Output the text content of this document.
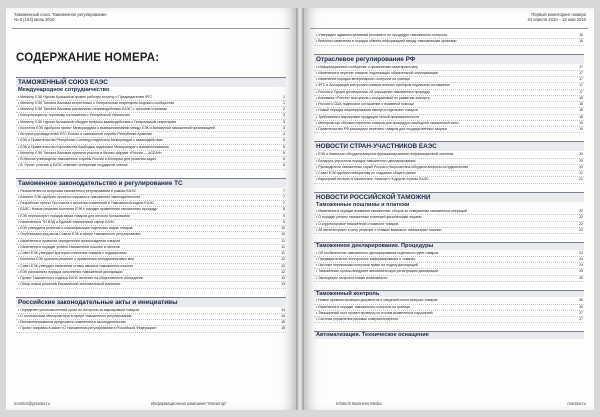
Таможенный союз. Таможенное регулирование
№ 6 (153) июнь 2010
СОДЕРЖАНИЕ НОМЕРА:
ТАМОЖЕННЫЙ СОЮЗ ЕАЭС
Международное сотрудничество
• Министр ЕЭК Нурлан Кульжанов провел рабочую встречу с Председателем ФТС	1
• Министр ЕЭК Татьяна Валовая встретилась с Генеральным секретарем Андского сообщества	1
• Министр ЕЭК Татьяна Валовая рассказала о взаимодействии ЕАЭС с третьими странами	2
• Консультации по торговому соглашению с Республикой Узбекистан	3
• Министр ЕЭК Нурлан Кульжанов обсудил вопросы взаимодействия с Генеральным секретарем	3
• Коллегия ЕЭК одобрила проект Меморандума о взаимопонимании между ЕЭК и Всемирной таможенной организацией	4
• Встреча руководителей ФТС России и таможенной службы Республики Армения	4
• ЕЭК и Правительство Республики Сингапур подписали Меморандум о взаимодействии	5
• ЕЭК и Правительство Королевства Камбоджа подписали Меморандум о взаимопонимании	5
• Министр ЕЭК Татьяна Валовая приняла участие в бизнес-форуме «Россия — АСЕАН»	5
• В Минске утверждены таможенные службы России и Беларуси для решения задач	6
• В. Путин: участие в ЕАЭС отвечает интересам государств-членов	6
Таможенное законодательство и регулирование ТС
• Разъяснения по вопросам таможенного регулирования в рамках ЕАЭС	7
• Комитет ЕЭК одобрил проекты поправок в таможенное законодательство	7
• Разработан проект Протокола о внесении изменений в Таможенный кодекс ЕАЭС	7
• ЕАЭС: Новые решения Коллегии ЕЭК о порядке применения таможенных процедур	8
• ЕЭК пересмотрит порядок ввоза товаров для личного пользования	9
• Изменения в ТН ВЭД и Единый таможенный тариф ЕАЭС	9
• ЕЭК утвердила решения о классификации отдельных видов товаров	10
• Опубликован ряд актов Совета ЕЭК в сфере таможенного регулирования	10
• Изменения в правилах определения происхождения товаров	11
• Изменения в порядке уплаты таможенных пошлин и налогов	11
• Совет ЕЭК утвердил критерии отнесения товаров к подакцизным	11
• Коллегия ЕЭК приняла решение о применении антидемпинговых мер	12
• Совет ЕЭК утвердил изменения ставок ввозных таможенных пошлин	12
• ЕЭК разъяснила порядок заполнения таможенной декларации	12
• Проект Таможенного кодекса ЕАЭС вынесен на общественное обсуждение	13
• Обзор новых решений Евразийской экономической комиссии	13
Российские законодательные акты и инициативы
• Определен уполномоченный орган по контролю за маркировкой товаров	14
• О полномочиях Минпромторга в сфере таможенного регулирования	14
• Минэкономразвития предложило изменения в законодательство	15
• Проект поправок в закон «О таможенном регулировании в Российской Федерации»	15
monitor@prioder.ru	Информационная компания "Монитор"
Первый мониторинг номера
24 апреля 2010 – 22 мая 2010
• Утвержден административный регламент по процедуре таможенного контроля	16
• Внесены изменения в порядок обмена информацией между таможенными органами	16
Отраслевое регулирование РФ
• Информационное сообщение о применении санитарных мер	17
• Изменения в перечне товаров, подлежащих обязательной сертификации	17
• Изменение порядка ветеринарного контроля на границе	17
• ФТС и Ассоциация контрольно-измерительных приборов подписали соглашение	17
• Россия и Турция договорились об упрощении таможенных процедур	17
• Компания «Ростех» выступила с инициативой по развитию экспорта	18
• Россия и США подписали соглашение о взаимной помощи	18
• Новый порядок лицензирования импорта отдельных товаров	18
• Требования к маркировке продукции легкой промышленности	18
• Минпромторг обновил перечень товаров для процедуры свободной таможенной зоны	19
• Правительство РФ расширило перечень товаров для государственных закупок	19
НОВОСТИ СТРАН-УЧАСТНИКОВ ЕАЭС
• ЕЭК и Казахстан обсудили вопросы функционирования информационной системы	20
• Беларусь упростила порядок таможенного декларирования	20
• Руководители таможенных служб России и Кыргызстана обсудили вопросы сотрудничества	20
• Совет ЕЭК одобрил инициативу по созданию общего рынка	21
• Карьерный интерес в Казахстане: «экспорт» в другие страны ЕАЭС	21
НОВОСТИ РОССИЙСКОЙ ТАМОЖНИ
Таможенные пошлины и платежи
• Изменения в порядке взимания таможенных сборов за совершение таможенных операций	22
• О порядке уплаты таможенных платежей физическими лицами	22
• О корректировке таможенной стоимости товаров	22
• 28 июня вступает в силу решение о ставках вывозных таможенных пошлин	23
Таможенное декларирование. Процедуры
• Об особенностях таможенного декларирования отдельных групп товаров	24
• Предварительное электронное информирование о товарах	24
• Частные перевозчики получили право на подачу деклараций	24
• Таможенные органы внедряют автоматическую регистрацию деклараций	25
• Экспортеры получили новые возможности	25
Таможенный контроль
• Новые правила проверки документов и сведений после выпуска товаров	26
• Изменения в порядке таможенного контроля на границе	26
• Таможенный пост провел проверку по итогам выявленных нарушений	27
• Система управления рисками совершенствуется	27
Автоматизация. Техническое оснащение
Infotech Business Media	monitor.ru
